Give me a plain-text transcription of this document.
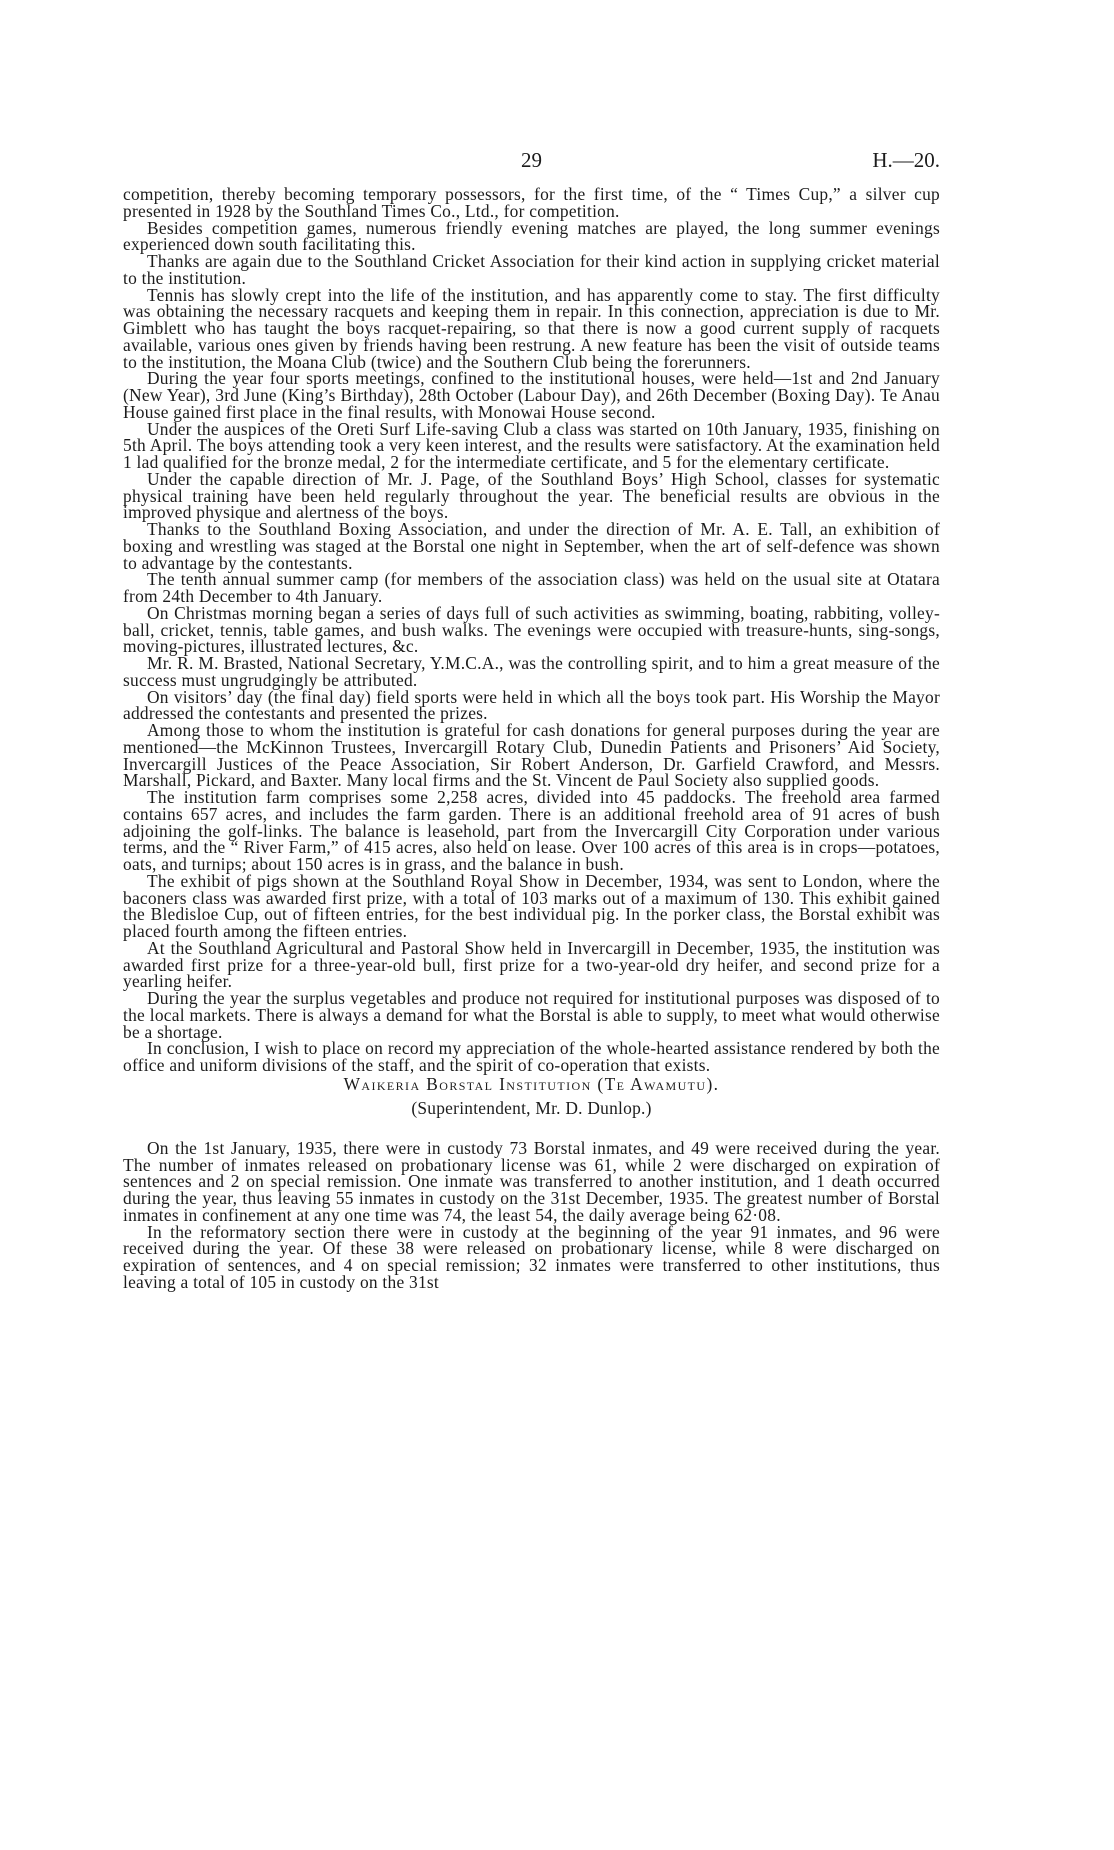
29	H.—20.

competition, thereby becoming temporary possessors, for the first time, of the “ Times Cup,” a silver cup presented in 1928 by the Southland Times Co., Ltd., for competition.

Besides competition games, numerous friendly evening matches are played, the long summer evenings experienced down south facilitating this.

Thanks are again due to the Southland Cricket Association for their kind action in supplying cricket material to the institution.

Tennis has slowly crept into the life of the institution, and has apparently come to stay. The first difficulty was obtaining the necessary racquets and keeping them in repair. In this connection, appreciation is due to Mr. Gimblett who has taught the boys racquet-repairing, so that there is now a good current supply of racquets available, various ones given by friends having been restrung. A new feature has been the visit of outside teams to the institution, the Moana Club (twice) and the Southern Club being the forerunners.

During the year four sports meetings, confined to the institutional houses, were held—1st and 2nd January (New Year), 3rd June (King’s Birthday), 28th October (Labour Day), and 26th December (Boxing Day). Te Anau House gained first place in the final results, with Monowai House second.

Under the auspices of the Oreti Surf Life-saving Club a class was started on 10th January, 1935, finishing on 5th April. The boys attending took a very keen interest, and the results were satisfactory. At the examination held 1 lad qualified for the bronze medal, 2 for the intermediate certificate, and 5 for the elementary certificate.

Under the capable direction of Mr. J. Page, of the Southland Boys’ High School, classes for systematic physical training have been held regularly throughout the year. The beneficial results are obvious in the improved physique and alertness of the boys.

Thanks to the Southland Boxing Association, and under the direction of Mr. A. E. Tall, an exhibition of boxing and wrestling was staged at the Borstal one night in September, when the art of self-defence was shown to advantage by the contestants.

The tenth annual summer camp (for members of the association class) was held on the usual site at Otatara from 24th December to 4th January.

On Christmas morning began a series of days full of such activities as swimming, boating, rabbiting, volley-ball, cricket, tennis, table games, and bush walks. The evenings were occupied with treasure-hunts, sing-songs, moving-pictures, illustrated lectures, &c.

Mr. R. M. Brasted, National Secretary, Y.M.C.A., was the controlling spirit, and to him a great measure of the success must ungrudgingly be attributed.

On visitors’ day (the final day) field sports were held in which all the boys took part. His Worship the Mayor addressed the contestants and presented the prizes.

Among those to whom the institution is grateful for cash donations for general purposes during the year are mentioned—the McKinnon Trustees, Invercargill Rotary Club, Dunedin Patients and Prisoners’ Aid Society, Invercargill Justices of the Peace Association, Sir Robert Anderson, Dr. Garfield Crawford, and Messrs. Marshall, Pickard, and Baxter. Many local firms and the St. Vincent de Paul Society also supplied goods.

The institution farm comprises some 2,258 acres, divided into 45 paddocks. The freehold area farmed contains 657 acres, and includes the farm garden. There is an additional freehold area of 91 acres of bush adjoining the golf-links. The balance is leasehold, part from the Invercargill City Corporation under various terms, and the “ River Farm,” of 415 acres, also held on lease. Over 100 acres of this area is in crops—potatoes, oats, and turnips; about 150 acres is in grass, and the balance in bush.

The exhibit of pigs shown at the Southland Royal Show in December, 1934, was sent to London, where the baconers class was awarded first prize, with a total of 103 marks out of a maximum of 130. This exhibit gained the Bledisloe Cup, out of fifteen entries, for the best individual pig. In the porker class, the Borstal exhibit was placed fourth among the fifteen entries.

At the Southland Agricultural and Pastoral Show held in Invercargill in December, 1935, the institution was awarded first prize for a three-year-old bull, first prize for a two-year-old dry heifer, and second prize for a yearling heifer.

During the year the surplus vegetables and produce not required for institutional purposes was disposed of to the local markets. There is always a demand for what the Borstal is able to supply, to meet what would otherwise be a shortage.

In conclusion, I wish to place on record my appreciation of the whole-hearted assistance rendered by both the office and uniform divisions of the staff, and the spirit of co-operation that exists.

Waikeria Borstal Institution (Te Awamutu).

(Superintendent, Mr. D. Dunlop.)

On the 1st January, 1935, there were in custody 73 Borstal inmates, and 49 were received during the year. The number of inmates released on probationary license was 61, while 2 were discharged on expiration of sentences and 2 on special remission. One inmate was transferred to another institution, and 1 death occurred during the year, thus leaving 55 inmates in custody on the 31st December, 1935. The greatest number of Borstal inmates in confinement at any one time was 74, the least 54, the daily average being 62·08.

In the reformatory section there were in custody at the beginning of the year 91 inmates, and 96 were received during the year. Of these 38 were released on probationary license, while 8 were discharged on expiration of sentences, and 4 on special remission; 32 inmates were transferred to other institutions, thus leaving a total of 105 in custody on the 31st
